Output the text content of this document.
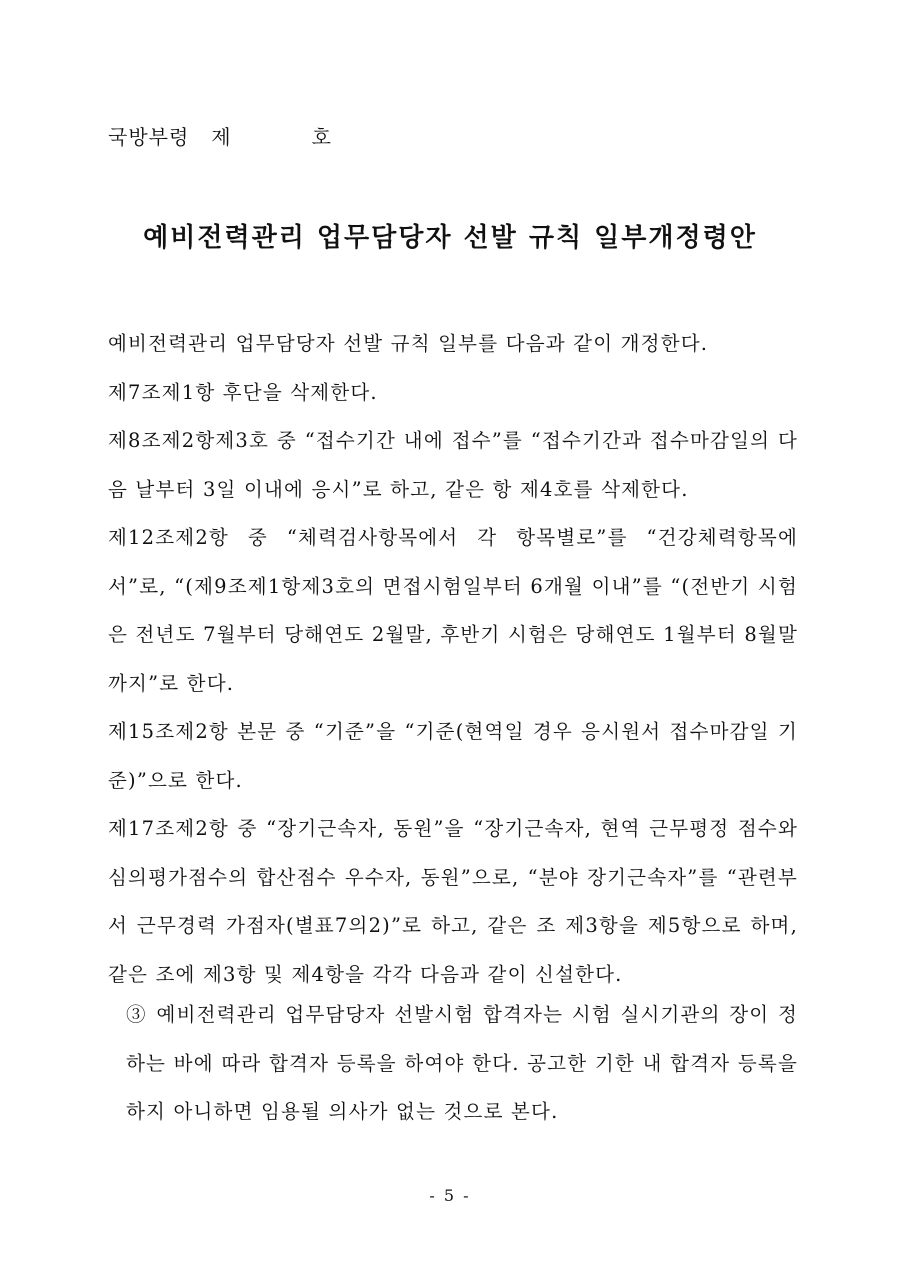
국방부령 제	호
예비전력관리 업무담당자 선발 규칙 일부개정령안

예비전력관리 업무담당자 선발 규칙 일부를 다음과 같이 개정한다.

제7조제1항 후단을 삭제한다.

제8조제2항제3호 중 “접수기간 내에 접수”를 “접수기간과 접수마감일의 다음 날부터 3일 이내에 응시”로 하고, 같은 항 제4호를 삭제한다.

제12조제2항 중 “체력검사항목에서 각 항목별로”를 “건강체력항목에서”로, “(제9조제1항제3호의 면접시험일부터 6개월 이내”를 “(전반기 시험은 전년도 7월부터 당해연도 2월말, 후반기 시험은 당해연도 1월부터 8월말까지”로 한다.

제15조제2항 본문 중 “기준”을 “기준(현역일 경우 응시원서 접수마감일 기준)”으로 한다.

제17조제2항 중 “장기근속자, 동원”을 “장기근속자, 현역 근무평정 점수와 심의평가점수의 합산점수 우수자, 동원”으로, “분야 장기근속자”를 “관련부서 근무경력 가점자(별표7의2)”로 하고, 같은 조 제3항을 제5항으로 하며, 같은 조에 제3항 및 제4항을 각각 다음과 같이 신설한다.

③ 예비전력관리 업무담당자 선발시험 합격자는 시험 실시기관의 장이 정하는 바에 따라 합격자 등록을 하여야 한다. 공고한 기한 내 합격자 등록을 하지 아니하면 임용될 의사가 없는 것으로 본다.

- 5 -
